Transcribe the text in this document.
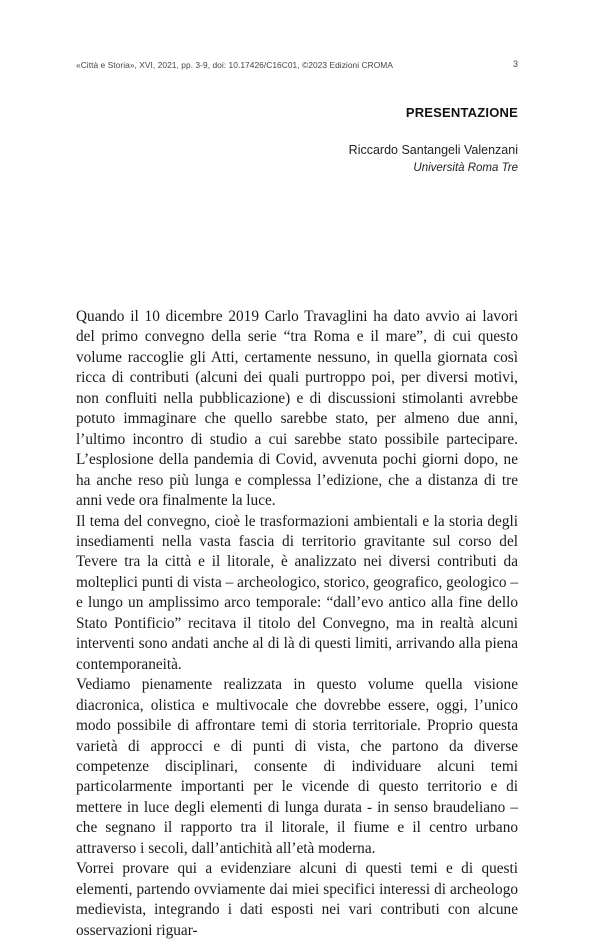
«Città e Storia», XVI, 2021, pp. 3-9, doi: 10.17426/C16C01, ©2023 Edizioni CROMA	3
PRESENTAZIONE
Riccardo Santangeli Valenzani
Università Roma Tre

Quando il 10 dicembre 2019 Carlo Travaglini ha dato avvio ai lavori del primo convegno della serie “tra Roma e il mare”, di cui questo volume raccoglie gli Atti, certamente nessuno, in quella giornata così ricca di contributi (alcuni dei quali purtroppo poi, per diversi motivi, non confluiti nella pubblicazione) e di discussioni stimolanti avrebbe potuto immaginare che quello sarebbe stato, per almeno due anni, l’ultimo incontro di studio a cui sarebbe stato possibile partecipare. L’esplosione della pandemia di Covid, avvenuta pochi giorni dopo, ne ha anche reso più lunga e complessa l’edizione, che a distanza di tre anni vede ora finalmente la luce.

Il tema del convegno, cioè le trasformazioni ambientali e la storia degli insediamenti nella vasta fascia di territorio gravitante sul corso del Tevere tra la città e il litorale, è analizzato nei diversi contributi da molteplici punti di vista – archeologico, storico, geografico, geologico – e lungo un amplissimo arco temporale: “dall’evo antico alla fine dello Stato Pontificio” recitava il titolo del Convegno, ma in realtà alcuni interventi sono andati anche al di là di questi limiti, arrivando alla piena contemporaneità.

Vediamo pienamente realizzata in questo volume quella visione diacronica, olistica e multivocale che dovrebbe essere, oggi, l’unico modo possibile di affrontare temi di storia territoriale. Proprio questa varietà di approcci e di punti di vista, che partono da diverse competenze disciplinari, consente di individuare alcuni temi particolarmente importanti per le vicende di questo territorio e di mettere in luce degli elementi di lunga durata - in senso braudeliano – che segnano il rapporto tra il litorale, il fiume e il centro urbano attraverso i secoli, dall’antichità all’età moderna.

Vorrei provare qui a evidenziare alcuni di questi temi e di questi elementi, partendo ovviamente dai miei specifici interessi di archeologo medievista, integrando i dati esposti nei vari contributi con alcune osservazioni riguar-
